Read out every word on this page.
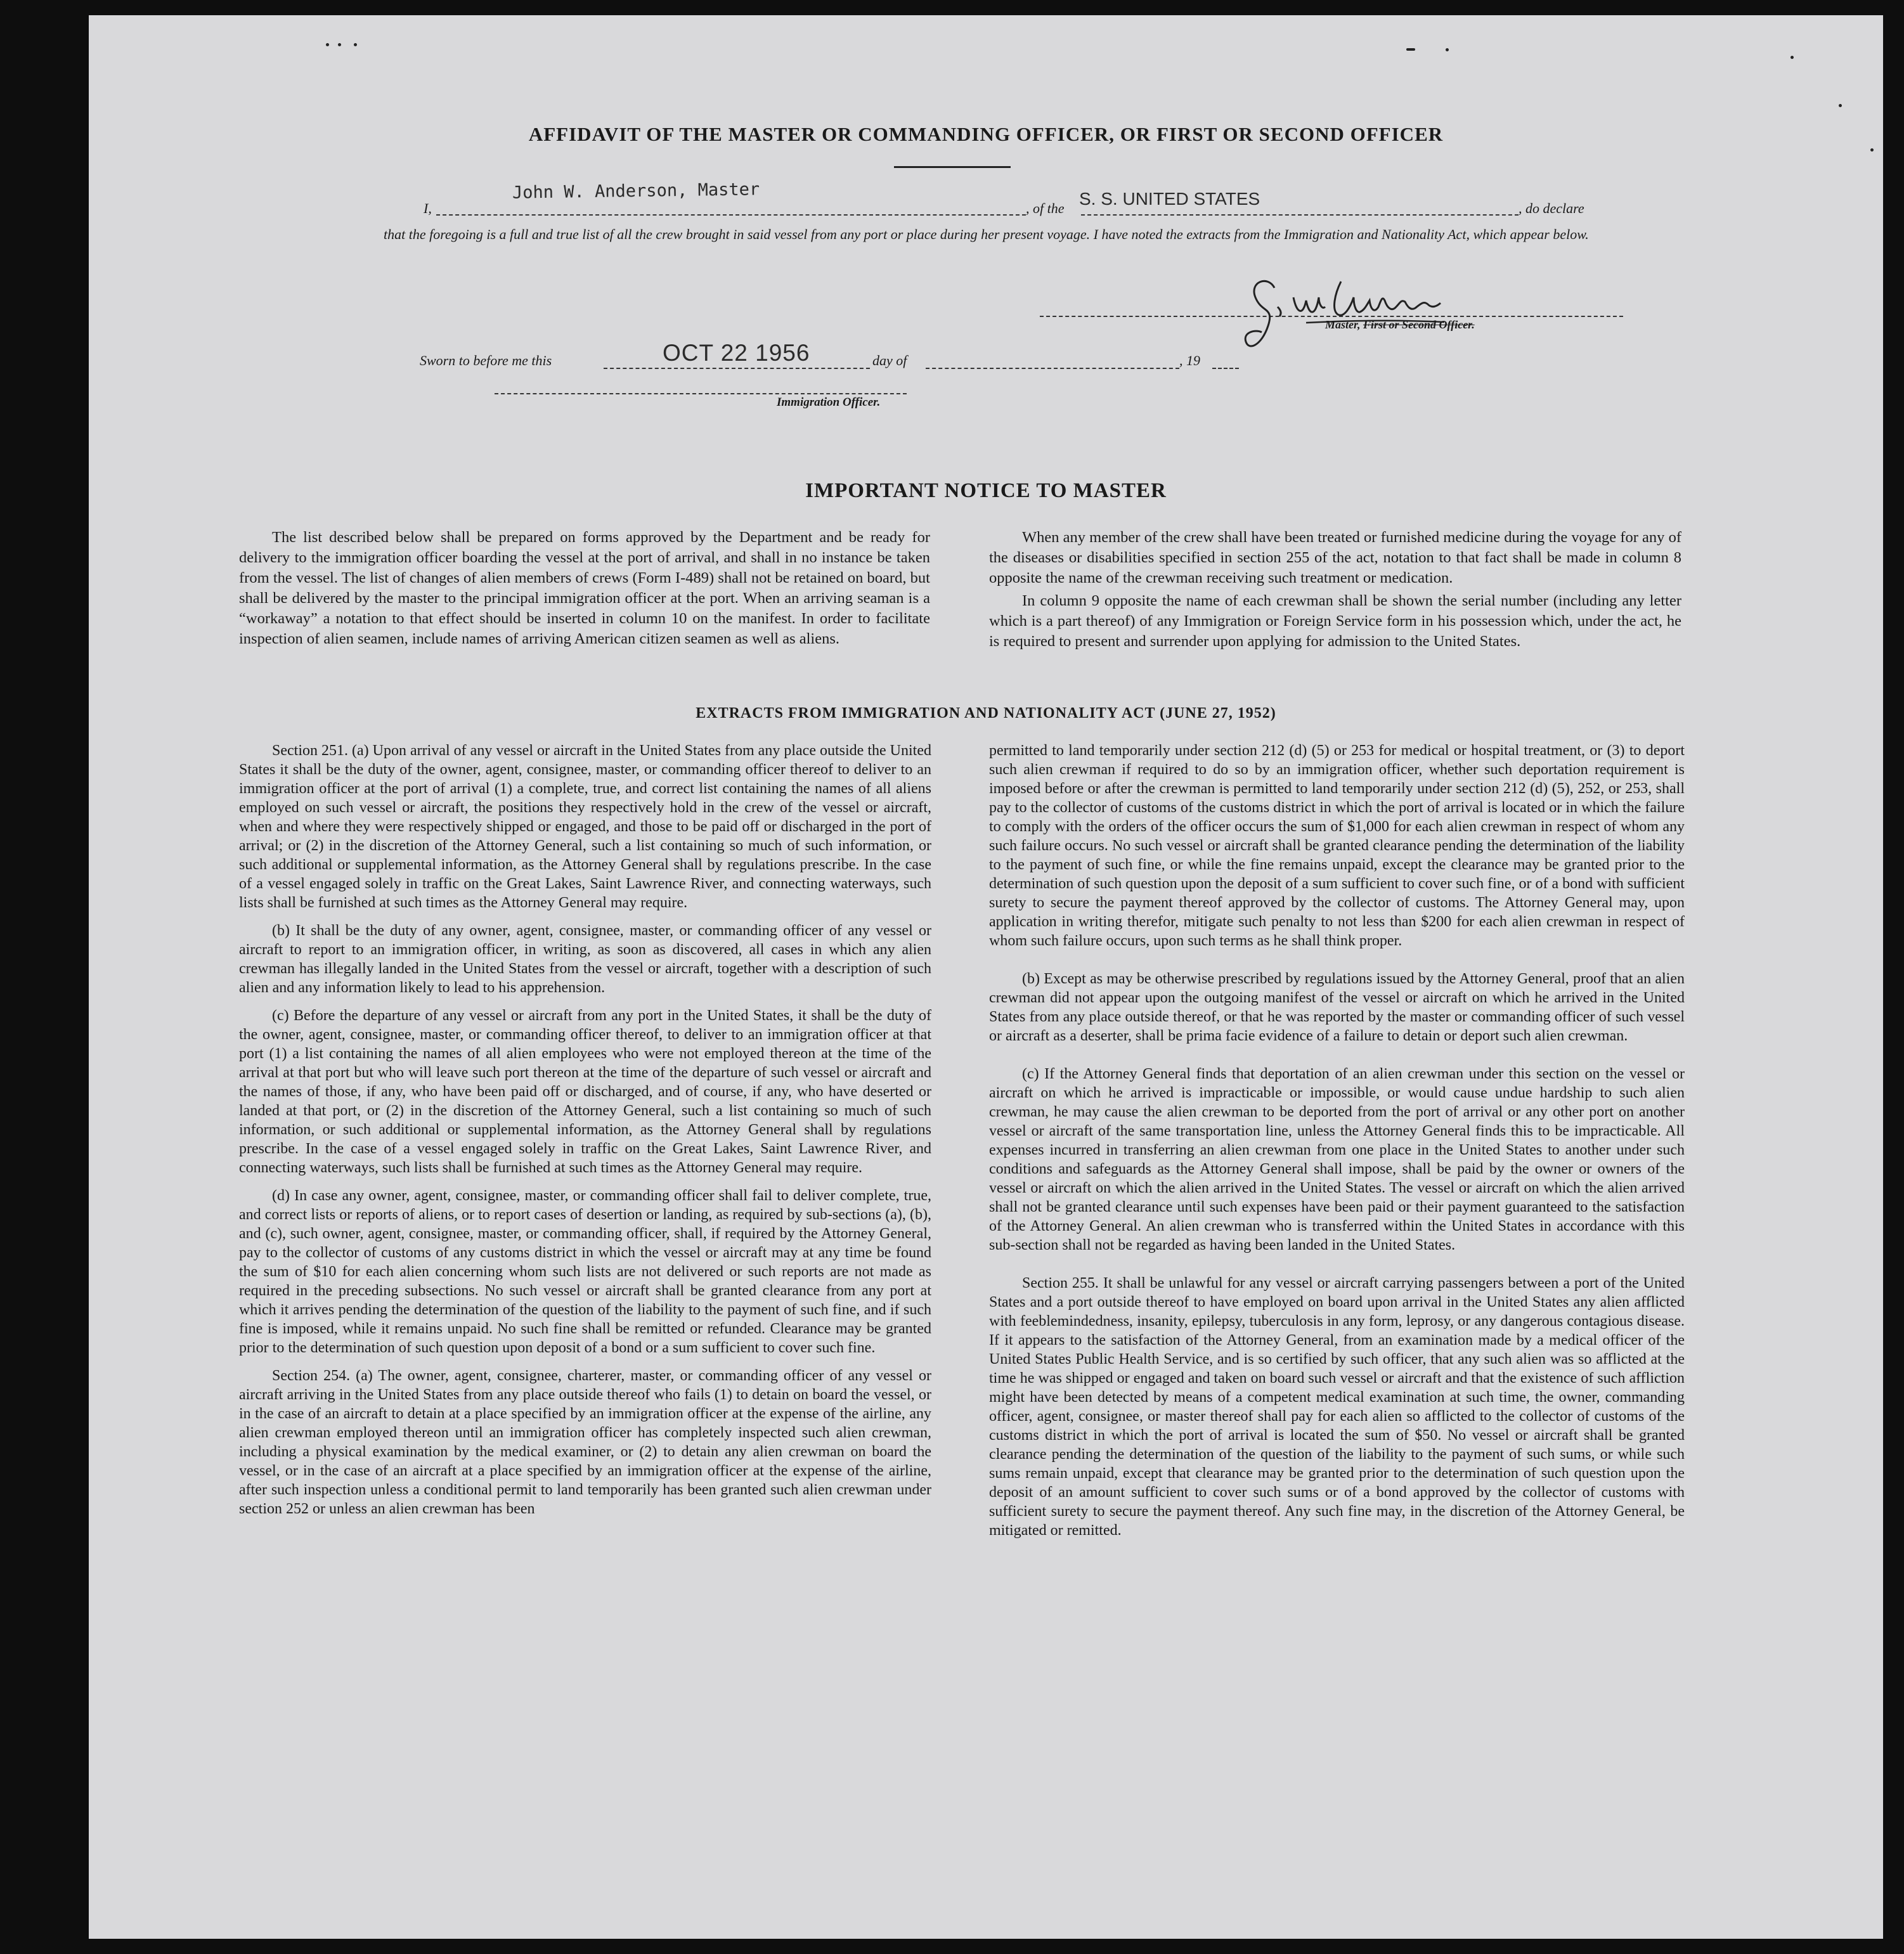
AFFIDAVIT OF THE MASTER OR COMMANDING OFFICER, OR FIRST OR SECOND OFFICER
I,
John W. Anderson, Master
, of the S. S. UNITED STATES	, do declare
that the foregoing is a full and true list of all the crew brought in said vessel from any port or place during her present voyage. I have noted the extracts from the Immigration and Nationality Act, which appear below.
Master, First or Second Officer.
Sworn to before me this	OCT 22 1956	day of	, 19
Immigration Officer.
IMPORTANT NOTICE TO MASTER

The list described below shall be prepared on forms approved by the Department and be ready for delivery to the immigration officer boarding the vessel at the port of arrival, and shall in no instance be taken from the vessel. The list of changes of alien members of crews (Form I-489) shall not be retained on board, but shall be delivered by the master to the principal immigration officer at the port. When an arriving seaman is a “workaway” a notation to that effect should be inserted in column 10 on the manifest. In order to facilitate inspection of alien seamen, include names of arriving American citizen seamen as well as aliens.

When any member of the crew shall have been treated or furnished medicine during the voyage for any of the diseases or disabilities specified in section 255 of the act, notation to that fact shall be made in column 8 opposite the name of the crewman receiving such treatment or medication.

In column 9 opposite the name of each crewman shall be shown the serial number (including any letter which is a part thereof) of any Immigration or Foreign Service form in his possession which, under the act, he is required to present and surrender upon applying for admission to the United States.

EXTRACTS FROM IMMIGRATION AND NATIONALITY ACT (JUNE 27, 1952)

Section 251. (a) Upon arrival of any vessel or aircraft in the United States from any place outside the United States it shall be the duty of the owner, agent, consignee, master, or commanding officer thereof to deliver to an immigration officer at the port of arrival (1) a complete, true, and correct list containing the names of all aliens employed on such vessel or aircraft, the positions they respectively hold in the crew of the vessel or aircraft, when and where they were respectively shipped or engaged, and those to be paid off or discharged in the port of arrival; or (2) in the discretion of the Attorney General, such a list containing so much of such information, or such additional or supplemental information, as the Attorney General shall by regulations prescribe. In the case of a vessel engaged solely in traffic on the Great Lakes, Saint Lawrence River, and connecting waterways, such lists shall be furnished at such times as the Attorney General may require.

(b) It shall be the duty of any owner, agent, consignee, master, or commanding officer of any vessel or aircraft to report to an immigration officer, in writing, as soon as discovered, all cases in which any alien crewman has illegally landed in the United States from the vessel or aircraft, together with a description of such alien and any information likely to lead to his apprehension.

(c) Before the departure of any vessel or aircraft from any port in the United States, it shall be the duty of the owner, agent, consignee, master, or commanding officer thereof, to deliver to an immigration officer at that port (1) a list containing the names of all alien employees who were not employed thereon at the time of the arrival at that port but who will leave such port thereon at the time of the departure of such vessel or aircraft and the names of those, if any, who have been paid off or discharged, and of course, if any, who have deserted or landed at that port, or (2) in the discretion of the Attorney General, such a list containing so much of such information, or such additional or supplemental information, as the Attorney General shall by regulations prescribe. In the case of a vessel engaged solely in traffic on the Great Lakes, Saint Lawrence River, and connecting waterways, such lists shall be furnished at such times as the Attorney General may require.

(d) In case any owner, agent, consignee, master, or commanding officer shall fail to deliver complete, true, and correct lists or reports of aliens, or to report cases of desertion or landing, as required by sub-sections (a), (b), and (c), such owner, agent, consignee, master, or commanding officer, shall, if required by the Attorney General, pay to the collector of customs of any customs district in which the vessel or aircraft may at any time be found the sum of $10 for each alien concerning whom such lists are not delivered or such reports are not made as required in the preceding subsections. No such vessel or aircraft shall be granted clearance from any port at which it arrives pending the determination of the question of the liability to the payment of such fine, and if such fine is imposed, while it remains unpaid. No such fine shall be remitted or refunded. Clearance may be granted prior to the determination of such question upon deposit of a bond or a sum sufficient to cover such fine.

Section 254. (a) The owner, agent, consignee, charterer, master, or commanding officer of any vessel or aircraft arriving in the United States from any place outside thereof who fails (1) to detain on board the vessel, or in the case of an aircraft to detain at a place specified by an immigration officer at the expense of the airline, any alien crewman employed thereon until an immigration officer has completely inspected such alien crewman, including a physical examination by the medical examiner, or (2) to detain any alien crewman on board the vessel, or in the case of an aircraft at a place specified by an immigration officer at the expense of the airline, after such inspection unless a conditional permit to land temporarily has been granted such alien crewman under section 252 or unless an alien crewman has been

permitted to land temporarily under section 212 (d) (5) or 253 for medical or hospital treatment, or (3) to deport such alien crewman if required to do so by an immigration officer, whether such deportation requirement is imposed before or after the crewman is permitted to land temporarily under section 212 (d) (5), 252, or 253, shall pay to the collector of customs of the customs district in which the port of arrival is located or in which the failure to comply with the orders of the officer occurs the sum of $1,000 for each alien crewman in respect of whom any such failure occurs. No such vessel or aircraft shall be granted clearance pending the determination of the liability to the payment of such fine, or while the fine remains unpaid, except the clearance may be granted prior to the determination of such question upon the deposit of a sum sufficient to cover such fine, or of a bond with sufficient surety to secure the payment thereof approved by the collector of customs. The Attorney General may, upon application in writing therefor, mitigate such penalty to not less than $200 for each alien crewman in respect of whom such failure occurs, upon such terms as he shall think proper.

(b) Except as may be otherwise prescribed by regulations issued by the Attorney General, proof that an alien crewman did not appear upon the outgoing manifest of the vessel or aircraft on which he arrived in the United States from any place outside thereof, or that he was reported by the master or commanding officer of such vessel or aircraft as a deserter, shall be prima facie evidence of a failure to detain or deport such alien crewman.

(c) If the Attorney General finds that deportation of an alien crewman under this section on the vessel or aircraft on which he arrived is impracticable or impossible, or would cause undue hardship to such alien crewman, he may cause the alien crewman to be deported from the port of arrival or any other port on another vessel or aircraft of the same transportation line, unless the Attorney General finds this to be impracticable. All expenses incurred in transferring an alien crewman from one place in the United States to another under such conditions and safeguards as the Attorney General shall impose, shall be paid by the owner or owners of the vessel or aircraft on which the alien arrived in the United States. The vessel or aircraft on which the alien arrived shall not be granted clearance until such expenses have been paid or their payment guaranteed to the satisfaction of the Attorney General. An alien crewman who is transferred within the United States in accordance with this sub-section shall not be regarded as having been landed in the United States.

Section 255. It shall be unlawful for any vessel or aircraft carrying passengers between a port of the United States and a port outside thereof to have employed on board upon arrival in the United States any alien afflicted with feeblemindedness, insanity, epilepsy, tuberculosis in any form, leprosy, or any dangerous contagious disease. If it appears to the satisfaction of the Attorney General, from an examination made by a medical officer of the United States Public Health Service, and is so certified by such officer, that any such alien was so afflicted at the time he was shipped or engaged and taken on board such vessel or aircraft and that the existence of such affliction might have been detected by means of a competent medical examination at such time, the owner, commanding officer, agent, consignee, or master thereof shall pay for each alien so afflicted to the collector of customs of the customs district in which the port of arrival is located the sum of $50. No vessel or aircraft shall be granted clearance pending the determination of the question of the liability to the payment of such sums, or while such sums remain unpaid, except that clearance may be granted prior to the determination of such question upon the deposit of an amount sufficient to cover such sums or of a bond approved by the collector of customs with sufficient surety to secure the payment thereof. Any such fine may, in the discretion of the Attorney General, be mitigated or remitted.
